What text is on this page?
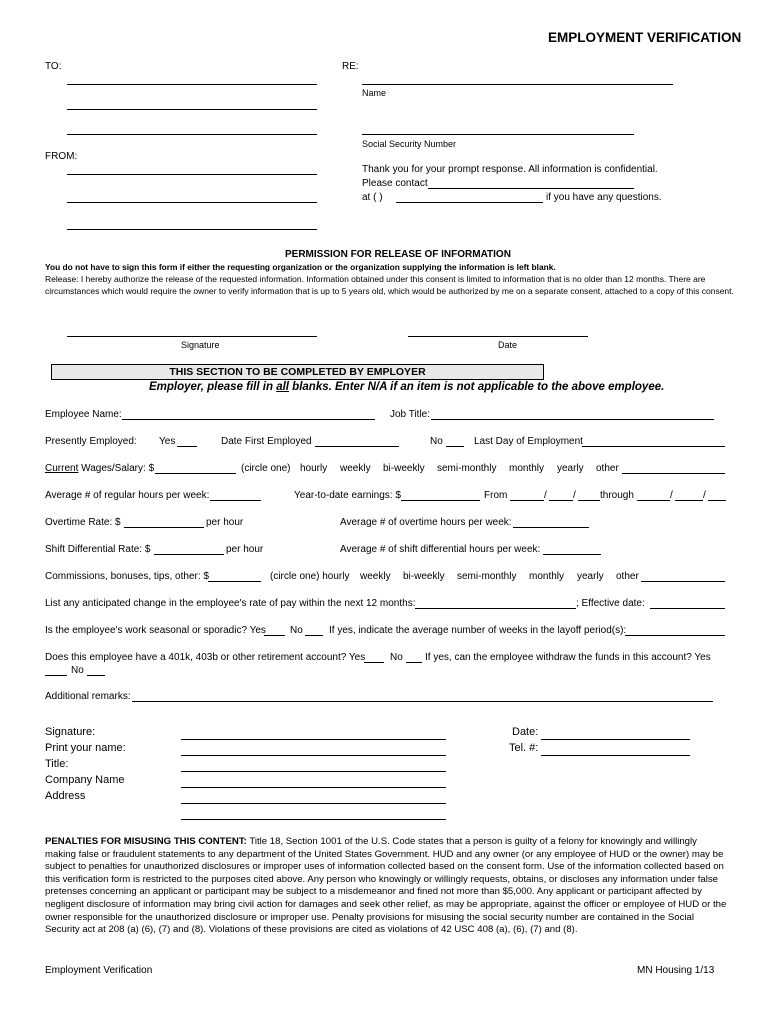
EMPLOYMENT VERIFICATION
TO:	RE:
Name
Social Security Number
FROM:
Thank you for your prompt response. All information is confidential.
Please contact
at ( )	if you have any questions.
PERMISSION FOR RELEASE OF INFORMATION
You do not have to sign this form if either the requesting organization or the organization supplying the information is left blank.
Release: I hereby authorize the release of the requested information. Information obtained under this consent is limited to information that is no older than 12 months. There are circumstances which would require the owner to verify information that is up to 5 years old, which would be authorized by me on a separate consent, attached to a copy of this consent.
Signature	Date
THIS SECTION TO BE COMPLETED BY EMPLOYER
Employer, please fill in all blanks. Enter N/A if an item is not applicable to the above employee.
Employee Name:	Job Title:
Presently Employed: Yes	Date First Employed	No	Last Day of Employment
Current Wages/Salary: $	(circle one) hourly weekly bi-weekly semi-monthly monthly yearly other
Average # of regular hours per week:	Year-to-date earnings: $	From	/	/ through	/	/
Overtime Rate: $	per hour	Average # of overtime hours per week:
Shift Differential Rate: $	per hour	Average # of shift differential hours per week:
Commissions, bonuses, tips, other: $	(circle one) hourly weekly bi-weekly semi-monthly monthly yearly other
List any anticipated change in the employee's rate of pay within the next 12 months:	; Effective date:
Is the employee's work seasonal or sporadic? Yes No	If yes, indicate the average number of weeks in the layoff period(s):
Does this employee have a 401k, 403b or other retirement account? Yes No If yes, can the employee withdraw the funds in this account? Yes
No
Additional remarks:
Signature:
Print your name:
Title:
Company Name
Address
Date:
Tel. #:
PENALTIES FOR MISUSING THIS CONTENT: Title 18, Section 1001 of the U.S. Code states that a person is guilty of a felony for knowingly and willingly making false or fraudulent statements to any department of the United States Government. HUD and any owner (or any employee of HUD or the owner) may be subject to penalties for unauthorized disclosures or improper uses of information collected based on the consent form. Use of the information collected based on this verification form is restricted to the purposes cited above. Any person who knowingly or willingly requests, obtains, or discloses any information under false pretenses concerning an applicant or participant may be subject to a misdemeanor and fined not more than $5,000. Any applicant or participant affected by negligent disclosure of information may bring civil action for damages and seek other relief, as may be appropriate, against the officer or employee of HUD or the owner responsible for the unauthorized disclosure or improper use. Penalty provisions for misusing the social security number are contained in the Social Security act at 208 (a) (6), (7) and (8). Violations of these provisions are cited as violations of 42 USC 408 (a), (6), (7) and (8).
Employment Verification	MN Housing 1/13
